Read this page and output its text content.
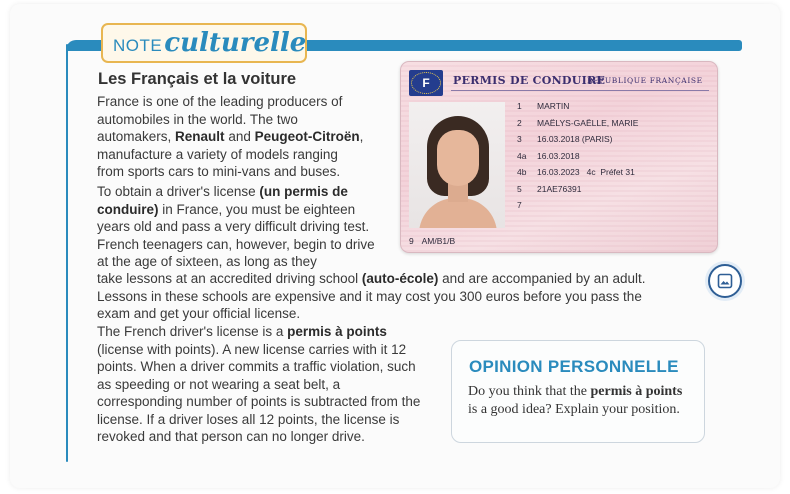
NOTE culturelle
Les Français et la voiture

France is one of the leading producers of automobiles in the world. The two automakers, Renault and Peugeot-Citroën, manufacture a variety of models ranging from sports cars to mini-vans and buses.

To obtain a driver's license (un permis de conduire) in France, you must be eighteen years old and pass a very difficult driving test. French teenagers can, however, begin to drive at the age of sixteen, as long as they

take lessons at an accredited driving school (auto-école) and are accompanied by an adult. Lessons in these schools are expensive and it may cost you 300 euros before you pass the exam and get your official license.

The French driver's license is a permis à points (license with points). A new license carries with it 12 points. When a driver commits a traffic violation, such as speeding or not wearing a seat belt, a corresponding number of points is subtracted from the license. If a driver loses all 12 points, the license is revoked and that person can no longer drive.

F PERMIS DE CONDUIRE
RÉPUBLIQUE FRANÇAISE
1	MARTIN
2	MAËLYS-GAËLLE, MARIE
3	16.03.2018 (PARIS)
4a	16.03.2018
4b	16.03.2023   4c  Préfet 31
5	21AE76391
7
9 AM/B1/B
OPINION PERSONNELLE

Do you think that the permis à points is a good idea? Explain your position.
